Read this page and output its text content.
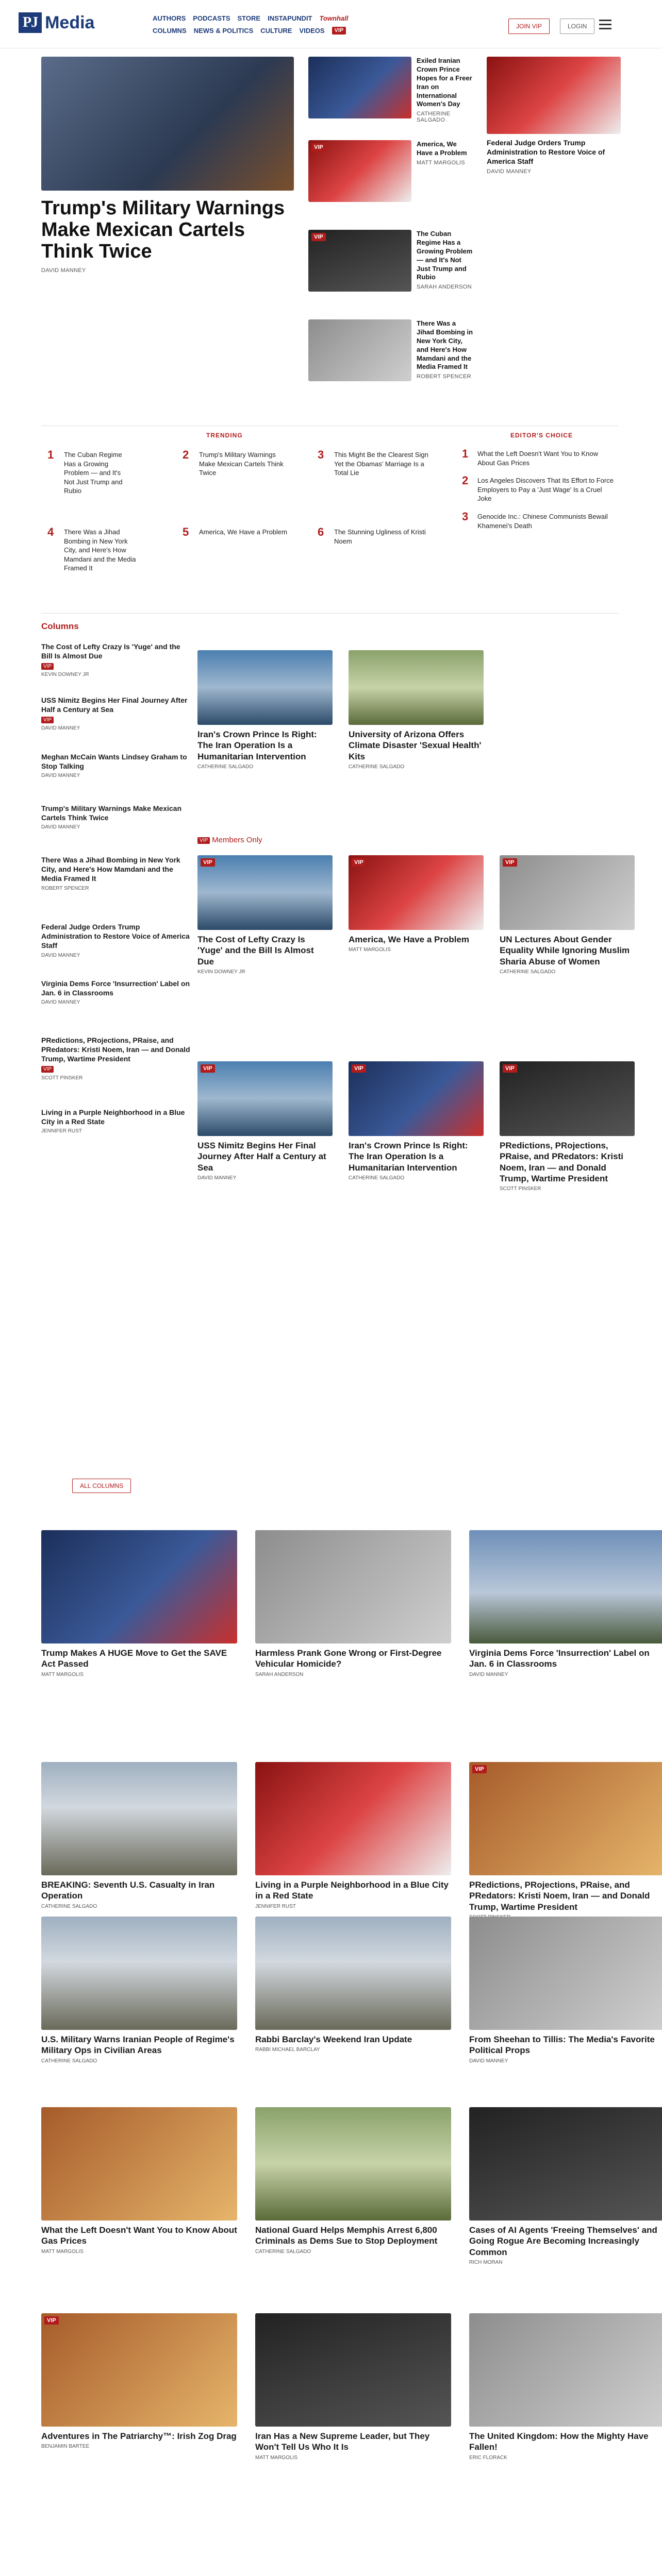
PJ Media	AUTHORS PODCASTS STORE INSTAPUNDIT Townhall
COLUMNS NEWS & POLITICS CULTURE VIDEOS	VIP
JOIN VIP	LOGIN
Trump's Military Warnings Make Mexican Cartels Think Twice
DAVID MANNEY
Exiled Iranian Crown Prince Hopes for a Freer Iran on International Women's Day
CATHERINE SALGADO
Federal Judge Orders Trump Administration to Restore Voice of America Staff
DAVID MANNEY
VIP	America, We Have a Problem
MATT MARGOLIS
VIP	The Cuban Regime Has a Growing Problem — and It's Not Just Trump and Rubio
SARAH ANDERSON
There Was a Jihad Bombing in New York City, and Here's How Mamdani and the Media Framed It
ROBERT SPENCER
TRENDING	EDITOR'S CHOICE
1 The Cuban Regime Has a Growing Problem — and It's Not Just Trump and Rubio
2 Trump's Military Warnings Make Mexican Cartels Think Twice
3 This Might Be the Clearest Sign Yet the Obamas' Marriage Is a Total Lie
4 There Was a Jihad Bombing in New York City, and Here's How Mamdani and the Media Framed It
5 America, We Have a Problem	6 The Stunning Ugliness of Kristi Noem
1 What the Left Doesn't Want You to Know About Gas Prices
2 Los Angeles Discovers That Its Effort to Force Employers to Pay a 'Just Wage' Is a Cruel Joke
3 Genocide Inc.: Chinese Communists Bewail Khamenei's Death
Columns
The Cost of Lefty Crazy Is 'Yuge' and the Bill Is Almost Due
VIP
KEVIN DOWNEY JR
USS Nimitz Begins Her Final Journey After Half a Century at Sea
VIP
DAVID MANNEY
Meghan McCain Wants Lindsey Graham to Stop Talking
DAVID MANNEY
Trump's Military Warnings Make Mexican Cartels Think Twice
DAVID MANNEY
There Was a Jihad Bombing in New York City, and Here's How Mamdani and the Media Framed It
ROBERT SPENCER
Federal Judge Orders Trump Administration to Restore Voice of America Staff
DAVID MANNEY
Virginia Dems Force 'Insurrection' Label on Jan. 6 in Classrooms
DAVID MANNEY
PRedictions, PRojections, PRaise, and PRedators: Kristi Noem, Iran — and Donald Trump, Wartime President
VIP
SCOTT PINSKER
Living in a Purple Neighborhood in a Blue City in a Red State
JENNIFER RUST
ALL COLUMNS
Iran's Crown Prince Is Right: The Iran Operation Is a Humanitarian Intervention
CATHERINE SALGADO
University of Arizona Offers Climate Disaster 'Sexual Health' Kits
CATHERINE SALGADO
VIP Members Only
VIP
The Cost of Lefty Crazy Is 'Yuge' and the Bill Is Almost Due
KEVIN DOWNEY JR
VIP
America, We Have a Problem
MATT MARGOLIS
VIP
UN Lectures About Gender Equality While Ignoring Muslim Sharia Abuse of Women
CATHERINE SALGADO
VIP
USS Nimitz Begins Her Final Journey After Half a Century at Sea
DAVID MANNEY
VIP
Iran's Crown Prince Is Right: The Iran Operation Is a Humanitarian Intervention
CATHERINE SALGADO
VIP
PRedictions, PRojections, PRaise, and PRedators: Kristi Noem, Iran — and Donald Trump, Wartime President
SCOTT PINSKER
Trump Makes A HUGE Move to Get the SAVE Act Passed
MATT MARGOLIS
Harmless Prank Gone Wrong or First-Degree Vehicular Homicide?
SARAH ANDERSON
Virginia Dems Force 'Insurrection' Label on Jan. 6 in Classrooms
DAVID MANNEY
BREAKING: Seventh U.S. Casualty in Iran Operation
CATHERINE SALGADO
Living in a Purple Neighborhood in a Blue City in a Red State
JENNIFER RUST
VIP
PRedictions, PRojections, PRaise, and PRedators: Kristi Noem, Iran — and Donald Trump, Wartime President
U.S. Military Warns Iranian People of Regime's Military Ops in Civilian Areas
CATHERINE SALGADO
Rabbi Barclay's Weekend Iran Update
RABBI MICHAEL BARCLAY
From Sheehan to Tillis: The Media's Favorite Political Props
DAVID MANNEY
What the Left Doesn't Want You to Know About Gas Prices
MATT MARGOLIS
National Guard Helps Memphis Arrest 6,800 Criminals as Dems Sue to Stop Deployment
CATHERINE SALGADO
Cases of AI Agents 'Freeing Themselves' and Going Rogue Are Becoming Increasingly Common
RICH MORAN
VIP
Adventures in The Patriarchy™: Irish Zog Drag
BENJAMIN BARTEE
Iran Has a New Supreme Leader, but They Won't Tell Us Who It Is
MATT MARGOLIS
The United Kingdom: How the Mighty Have Fallen!
ERIC FLORACK
